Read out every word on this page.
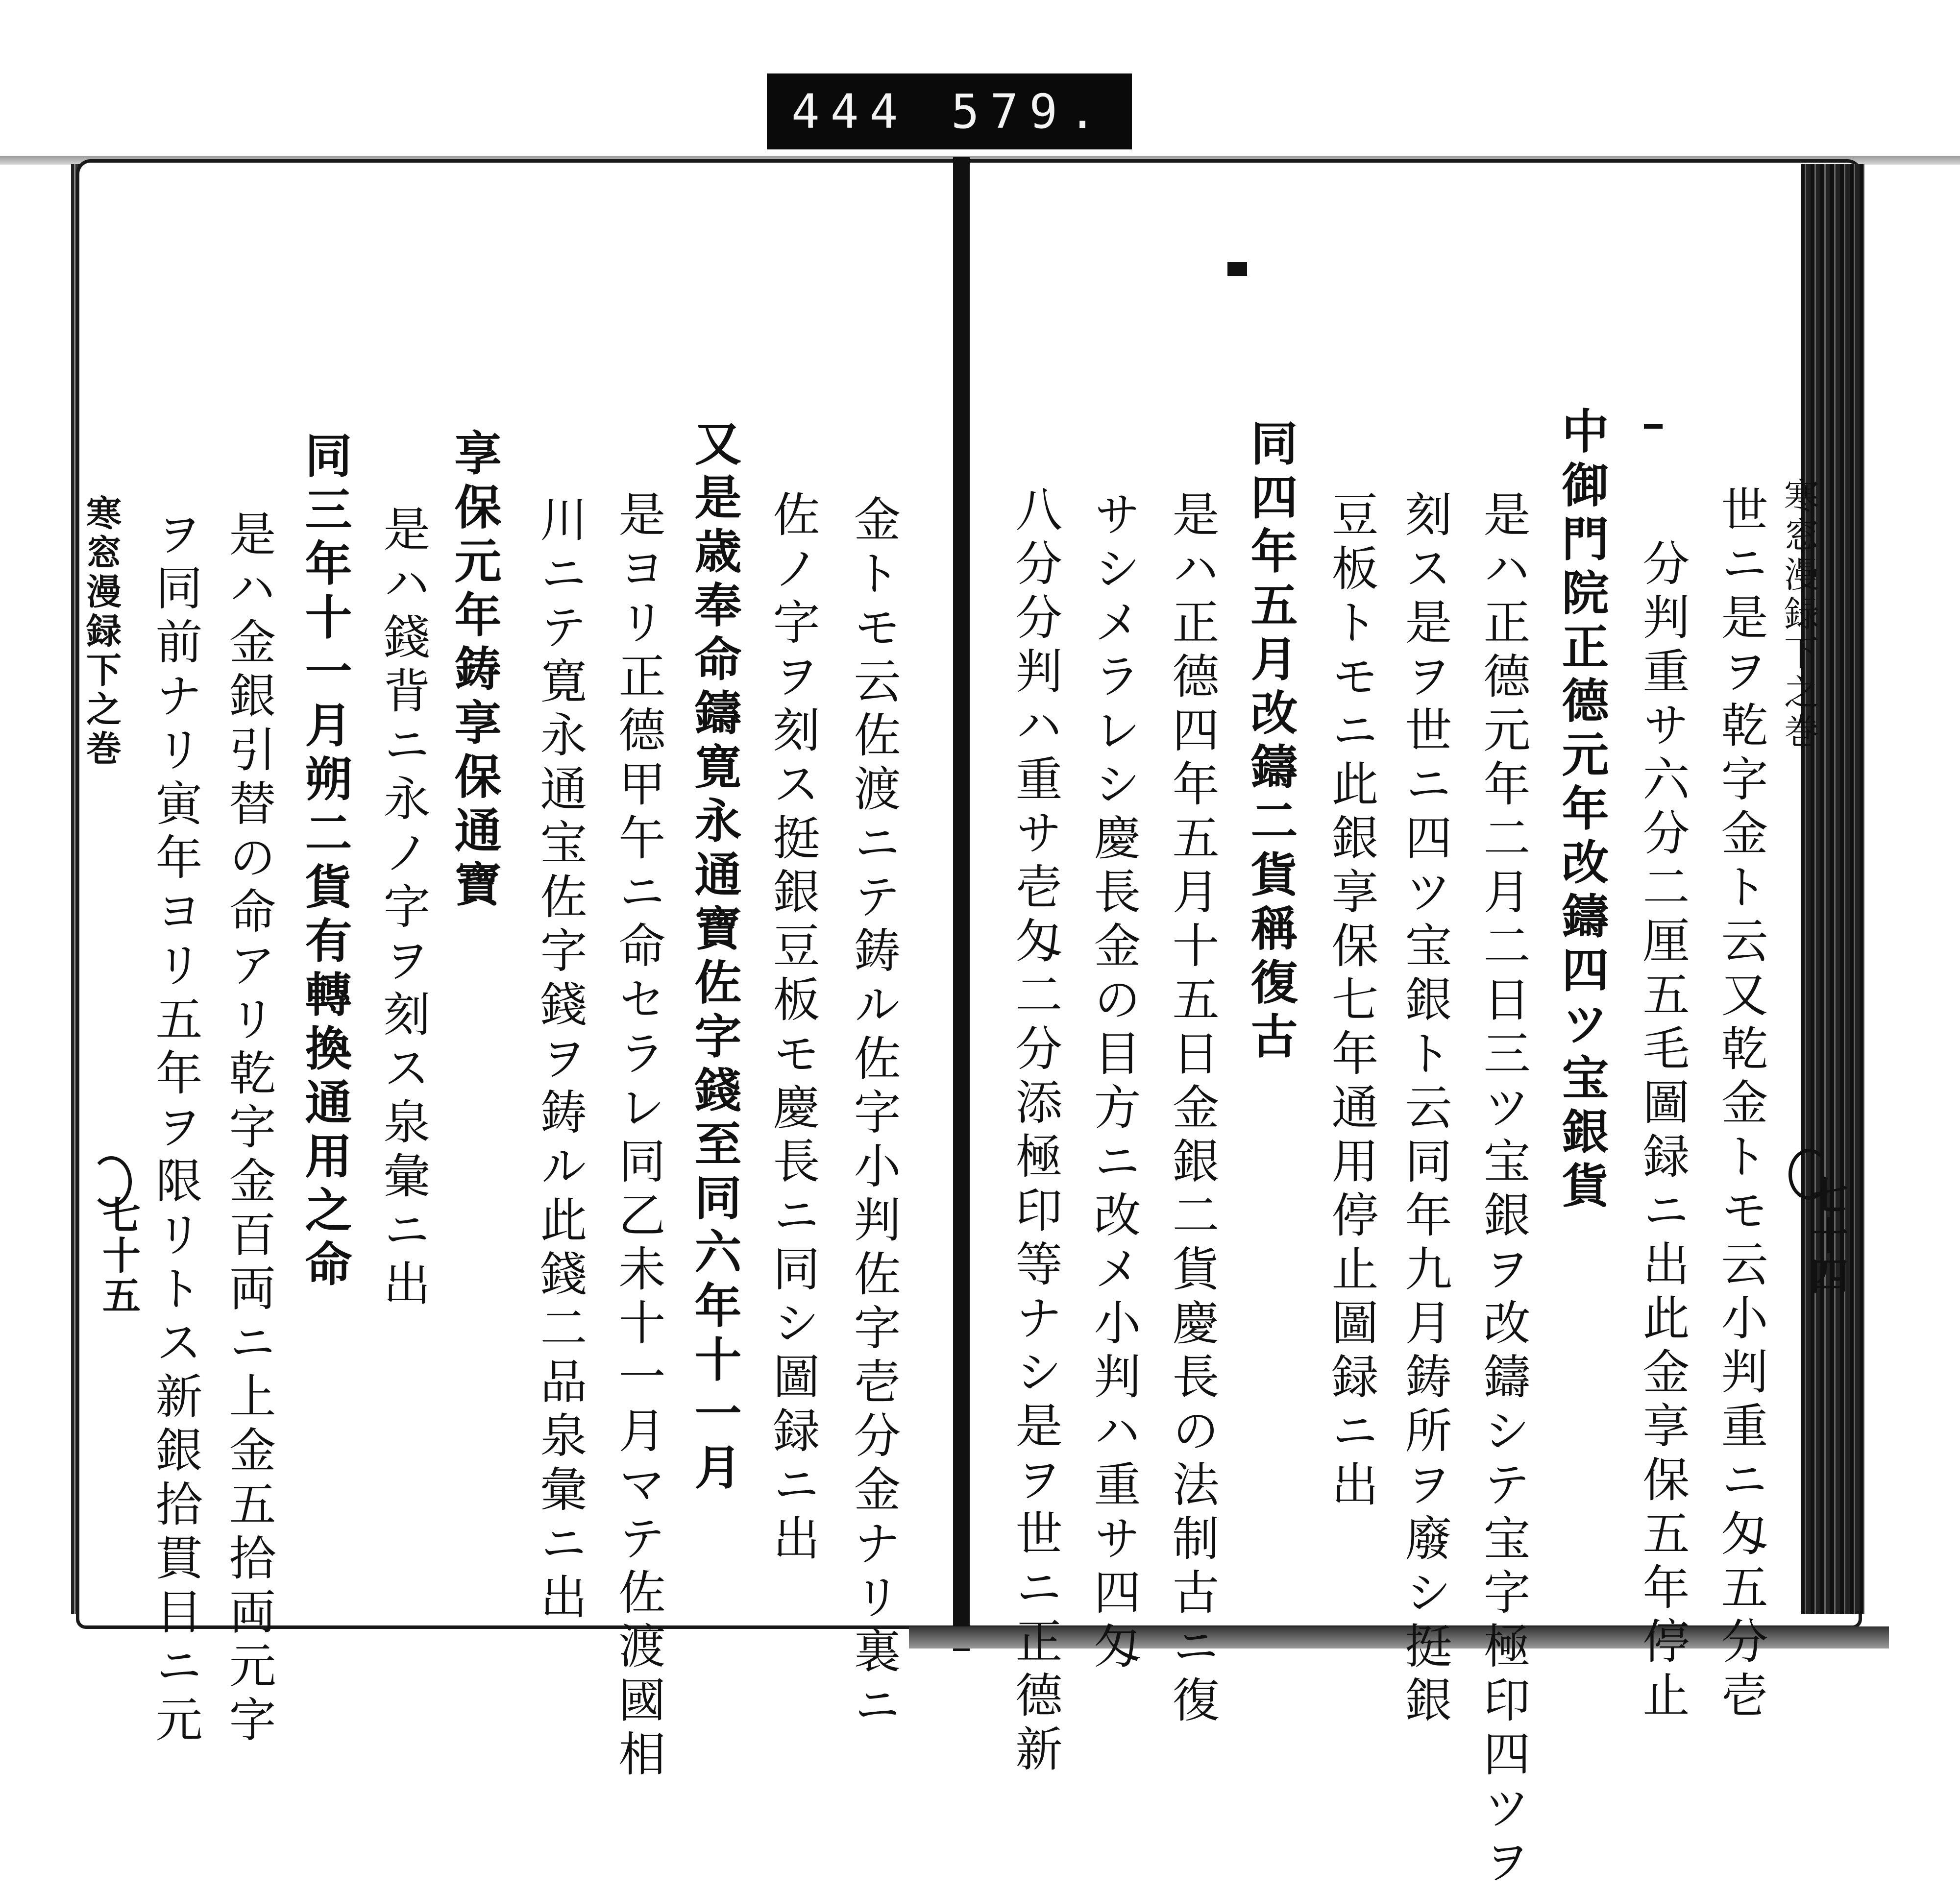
444 579.
寒窓漫録下之巻
世ニ是ヲ乾字金ト云又乾金トモ云小判重ニ匁五分壱
分判重サ六分二厘五毛圖録ニ出此金享保五年停止
中御門院正德元年改鑄四ツ宝銀貨
是ハ正德元年二月二日三ツ宝銀ヲ改鑄シテ宝字極印四ツヲ
刻ス是ヲ世ニ四ツ宝銀ト云同年九月鋳所ヲ廢シ挺銀
豆板トモニ此銀享保七年通用停止圖録ニ出
同四年五月改鑄二貨稱復古
是ハ正德四年五月十五日金銀二貨慶長の法制古ニ復
サシメラレシ慶長金の目方ニ改メ小判ハ重サ四匁
八分分判ハ重サ壱匁二分添極印等ナシ是ヲ世ニ正德新	七十四
金トモ云佐渡ニテ鋳ル佐字小判佐字壱分金ナリ裏ニ
佐ノ字ヲ刻ス挺銀豆板モ慶長ニ同シ圖録ニ出
又是歳奉命鑄寛永通寶佐字錢至同六年十一月
是ヨリ正德甲午ニ命セラレ同乙未十一月マテ佐渡國相
川ニテ寛永通宝佐字錢ヲ鋳ル此錢二品泉彙ニ出
享保元年鋳享保通寶
是ハ錢背ニ永ノ字ヲ刻ス泉彙ニ出
同三年十一月朔二貨有轉換通用之命
是ハ金銀引替の命アリ乾字金百両ニ上金五拾両元字
ヲ同前ナリ寅年ヨリ五年ヲ限リトス新銀拾貫目ニ元
寒窓漫録下之巻
七十五
